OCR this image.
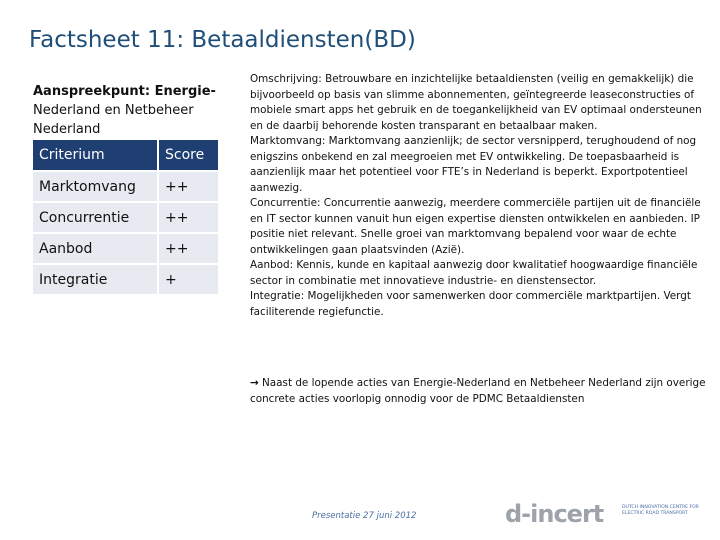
Factsheet 11: Betaaldiensten(BD)
Aanspreekpunt: Energie- Nederland en Netbeheer Nederland
Criterium	Score
Marktomvang	++
Concurrentie	++
Aanbod	++
Integratie	+

Omschrijving: Betrouwbare en inzichtelijke betaaldiensten (veilig en gemakkelijk) die bijvoorbeeld op basis van slimme abonnementen, geïntegreerde leaseconstructies of mobiele smart apps het gebruik en de toegankelijkheid van EV optimaal ondersteunen en de daarbij behorende kosten transparant en betaalbaar maken.

Marktomvang: Marktomvang aanzienlijk; de sector versnipperd, terughoudend of nog enigszins onbekend en zal meegroeien met EV ontwikkeling. De toepasbaarheid is aanzienlijk maar het potentieel voor FTE’s in Nederland is beperkt. Exportpotentieel aanwezig.

Concurrentie: Concurrentie aanwezig, meerdere commerciële partijen uit de financiële en IT sector kunnen vanuit hun eigen expertise diensten ontwikkelen en aanbieden. IP positie niet relevant. Snelle groei van marktomvang bepalend voor waar de echte ontwikkelingen gaan plaatsvinden (Azië).

Aanbod: Kennis, kunde en kapitaal aanwezig door kwalitatief hoogwaardige financiële sector in combinatie met innovatieve industrie- en dienstensector.

Integratie: Mogelijkheden voor samenwerken door commerciële marktpartijen. Vergt faciliterende regiefunctie.

→ Naast de lopende acties van Energie-Nederland en Netbeheer Nederland zijn overige concrete acties voorlopig onnodig voor de PDMC Betaaldiensten
Presentatie 27 juni 2012	d-incert	DUTCH INNOVATION CENTRE FOR ELECTRIC ROAD TRANSPORT
